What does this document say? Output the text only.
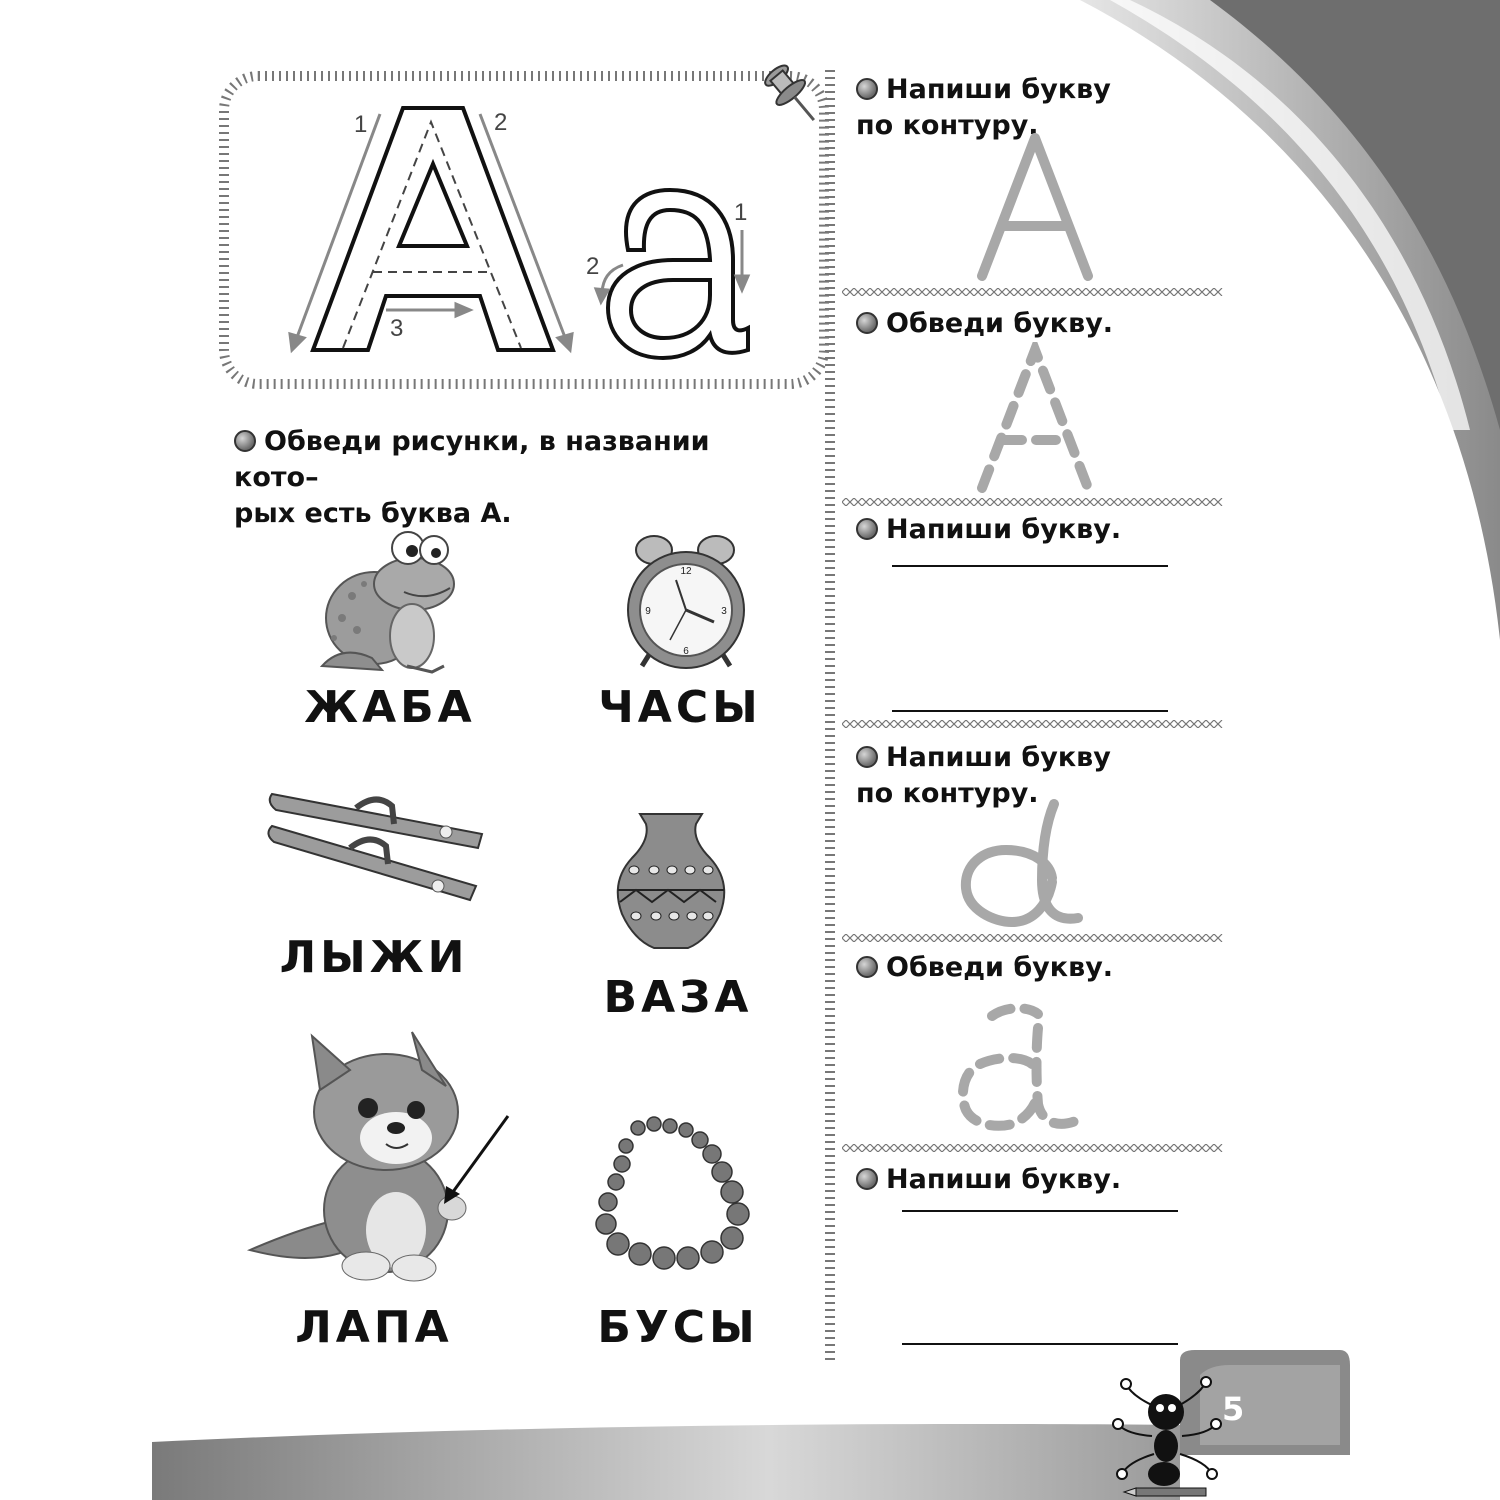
1	2
3
1
2
Обведи рисунки, в названии кото–
рых есть буква А.
ЖАБА
12
6
9	3
ЧАСЫ
ЛЫЖИ
ВАЗА
ЛАПА	БУСЫ
Напиши букву
по контуру.
Обведи букву.
Напиши букву.
Напиши букву
по контуру.
Обведи букву.
Напиши букву.
5
